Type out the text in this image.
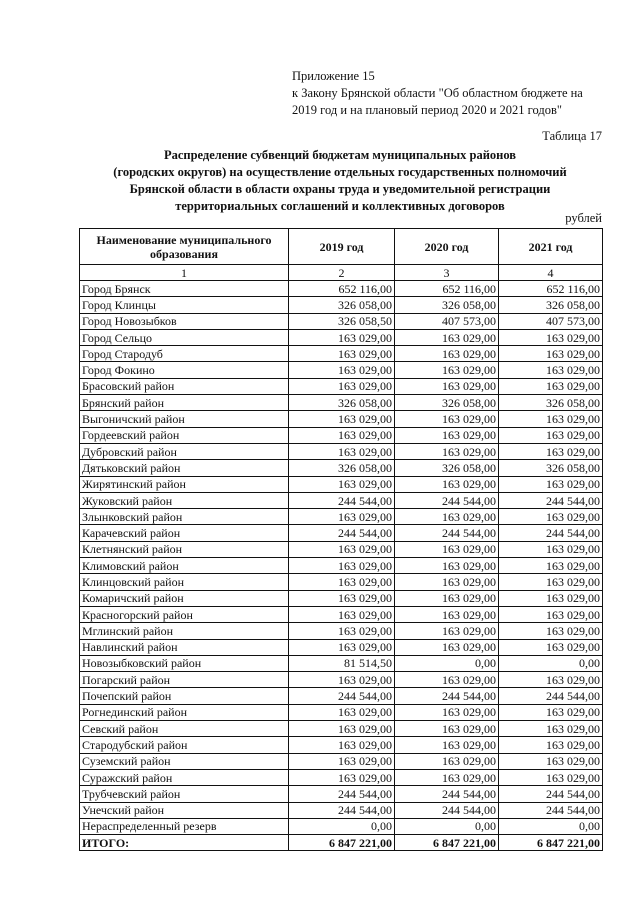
Приложение 15
к Закону Брянской области "Об областном бюджете на
2019 год и на плановый период 2020 и 2021 годов"
Таблица 17
Распределение субвенций бюджетам муниципальных районов
(городских округов) на осуществление отдельных государственных полномочий
Брянской области в области охраны труда и уведомительной регистрации
территориальных соглашений и коллективных договоров
рублей
Наименование муниципального образования	2019 год	2020 год	2021 год
1	2	3	4
Город Брянск	652 116,00	652 116,00	652 116,00
Город Клинцы	326 058,00	326 058,00	326 058,00
Город Новозыбков	326 058,50	407 573,00	407 573,00
Город Сельцо	163 029,00	163 029,00	163 029,00
Город Стародуб	163 029,00	163 029,00	163 029,00
Город Фокино	163 029,00	163 029,00	163 029,00
Брасовский район	163 029,00	163 029,00	163 029,00
Брянский район	326 058,00	326 058,00	326 058,00
Выгоничский район	163 029,00	163 029,00	163 029,00
Гордеевский район	163 029,00	163 029,00	163 029,00
Дубровский район	163 029,00	163 029,00	163 029,00
Дятьковский район	326 058,00	326 058,00	326 058,00
Жирятинский район	163 029,00	163 029,00	163 029,00
Жуковский район	244 544,00	244 544,00	244 544,00
Злынковский район	163 029,00	163 029,00	163 029,00
Карачевский район	244 544,00	244 544,00	244 544,00
Клетнянский район	163 029,00	163 029,00	163 029,00
Климовский район	163 029,00	163 029,00	163 029,00
Клинцовский район	163 029,00	163 029,00	163 029,00
Комаричский район	163 029,00	163 029,00	163 029,00
Красногорский район	163 029,00	163 029,00	163 029,00
Мглинский район	163 029,00	163 029,00	163 029,00
Навлинский район	163 029,00	163 029,00	163 029,00
Новозыбковский район	81 514,50	0,00	0,00
Погарский район	163 029,00	163 029,00	163 029,00
Почепский район	244 544,00	244 544,00	244 544,00
Рогнединский район	163 029,00	163 029,00	163 029,00
Севский район	163 029,00	163 029,00	163 029,00
Стародубский район	163 029,00	163 029,00	163 029,00
Суземский район	163 029,00	163 029,00	163 029,00
Суражский район	163 029,00	163 029,00	163 029,00
Трубчевский район	244 544,00	244 544,00	244 544,00
Унечский район	244 544,00	244 544,00	244 544,00
Нераспределенный резерв	0,00	0,00	0,00
ИТОГО:	6 847 221,00	6 847 221,00	6 847 221,00
